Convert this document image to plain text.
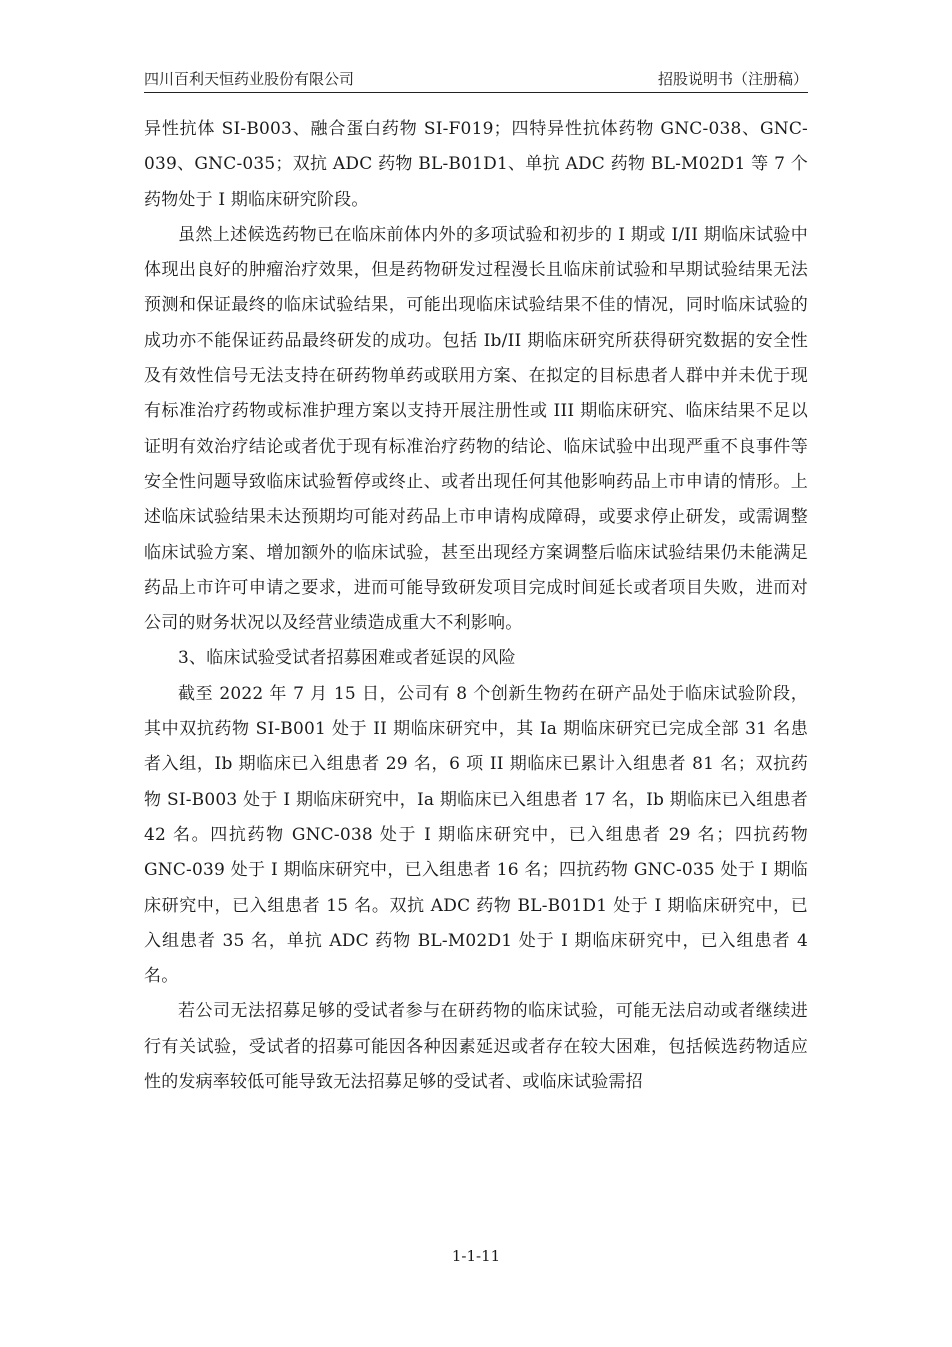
四川百利天恒药业股份有限公司	招股说明书（注册稿）

异性抗体 SI-B003、融合蛋白药物 SI-F019；四特异性抗体药物 GNC-038、GNC-039、GNC-035；双抗 ADC 药物 BL-B01D1、单抗 ADC 药物 BL-M02D1 等 7 个药物处于 I 期临床研究阶段。

虽然上述候选药物已在临床前体内外的多项试验和初步的 I 期或 I/II 期临床试验中体现出良好的肿瘤治疗效果，但是药物研发过程漫长且临床前试验和早期试验结果无法预测和保证最终的临床试验结果，可能出现临床试验结果不佳的情况，同时临床试验的成功亦不能保证药品最终研发的成功。包括 Ib/II 期临床研究所获得研究数据的安全性及有效性信号无法支持在研药物单药或联用方案、在拟定的目标患者人群中并未优于现有标准治疗药物或标准护理方案以支持开展注册性或 III 期临床研究、临床结果不足以证明有效治疗结论或者优于现有标准治疗药物的结论、临床试验中出现严重不良事件等安全性问题导致临床试验暂停或终止、或者出现任何其他影响药品上市申请的情形。上述临床试验结果未达预期均可能对药品上市申请构成障碍，或要求停止研发，或需调整临床试验方案、增加额外的临床试验，甚至出现经方案调整后临床试验结果仍未能满足药品上市许可申请之要求，进而可能导致研发项目完成时间延长或者项目失败，进而对公司的财务状况以及经营业绩造成重大不利影响。

3、临床试验受试者招募困难或者延误的风险

截至 2022 年 7 月 15 日，公司有 8 个创新生物药在研产品处于临床试验阶段，其中双抗药物 SI-B001 处于 II 期临床研究中，其 Ia 期临床研究已完成全部 31 名患者入组，Ib 期临床已入组患者 29 名，6 项 II 期临床已累计入组患者 81 名；双抗药物 SI-B003 处于 I 期临床研究中，Ia 期临床已入组患者 17 名，Ib 期临床已入组患者 42 名。四抗药物 GNC-038 处于 I 期临床研究中，已入组患者 29 名；四抗药物 GNC-039 处于 I 期临床研究中，已入组患者 16 名；四抗药物 GNC-035 处于 I 期临床研究中，已入组患者 15 名。双抗 ADC 药物 BL-B01D1 处于 I 期临床研究中，已入组患者 35 名，单抗 ADC 药物 BL-M02D1 处于 I 期临床研究中，已入组患者 4 名。

若公司无法招募足够的受试者参与在研药物的临床试验，可能无法启动或者继续进行有关试验，受试者的招募可能因各种因素延迟或者存在较大困难，包括候选药物适应性的发病率较低可能导致无法招募足够的受试者、或临床试验需招

1-1-11
